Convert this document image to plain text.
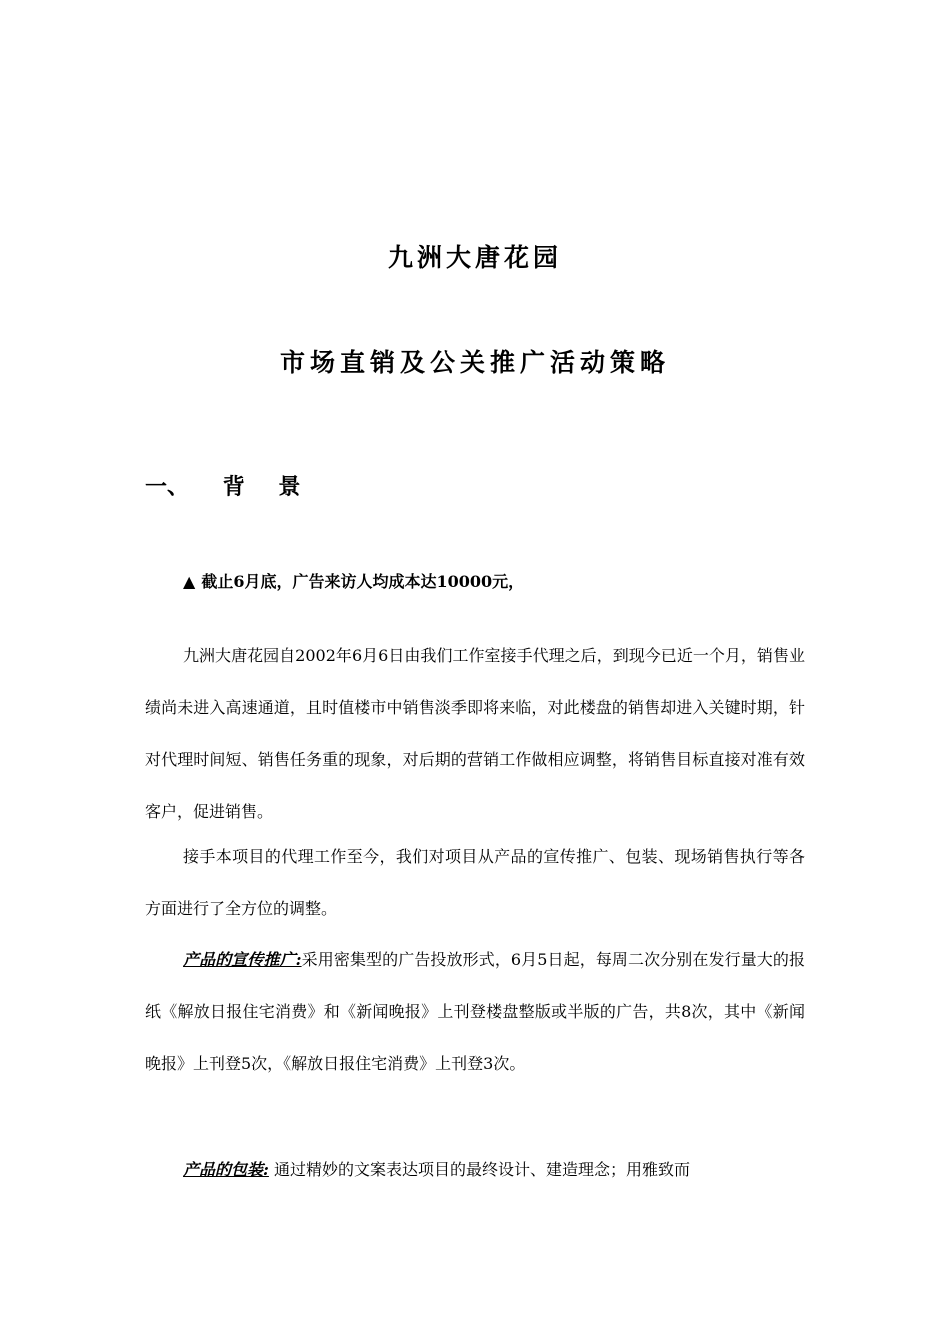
九洲大唐花园
市场直销及公关推广活动策略
一、 背 景
▲ 截止6月底，广告来访人均成本达10000元，

九洲大唐花园自2002年6月6日由我们工作室接手代理之后，到现今已近一个月，销售业绩尚未进入高速通道，且时值楼市中销售淡季即将来临，对此楼盘的销售却进入关键时期，针对代理时间短、销售任务重的现象，对后期的营销工作做相应调整，将销售目标直接对准有效客户，促进销售。

接手本项目的代理工作至今，我们对项目从产品的宣传推广、包装、现场销售执行等各方面进行了全方位的调整。

产品的宣传推广:采用密集型的广告投放形式，6月5日起，每周二次分别在发行量大的报纸《解放日报住宅消费》和《新闻晚报》上刊登楼盘整版或半版的广告，共8次，其中《新闻晚报》上刊登5次，《解放日报住宅消费》上刊登3次。

产品的包装: 通过精妙的文案表达项目的最终设计、建造理念；用雅致而
